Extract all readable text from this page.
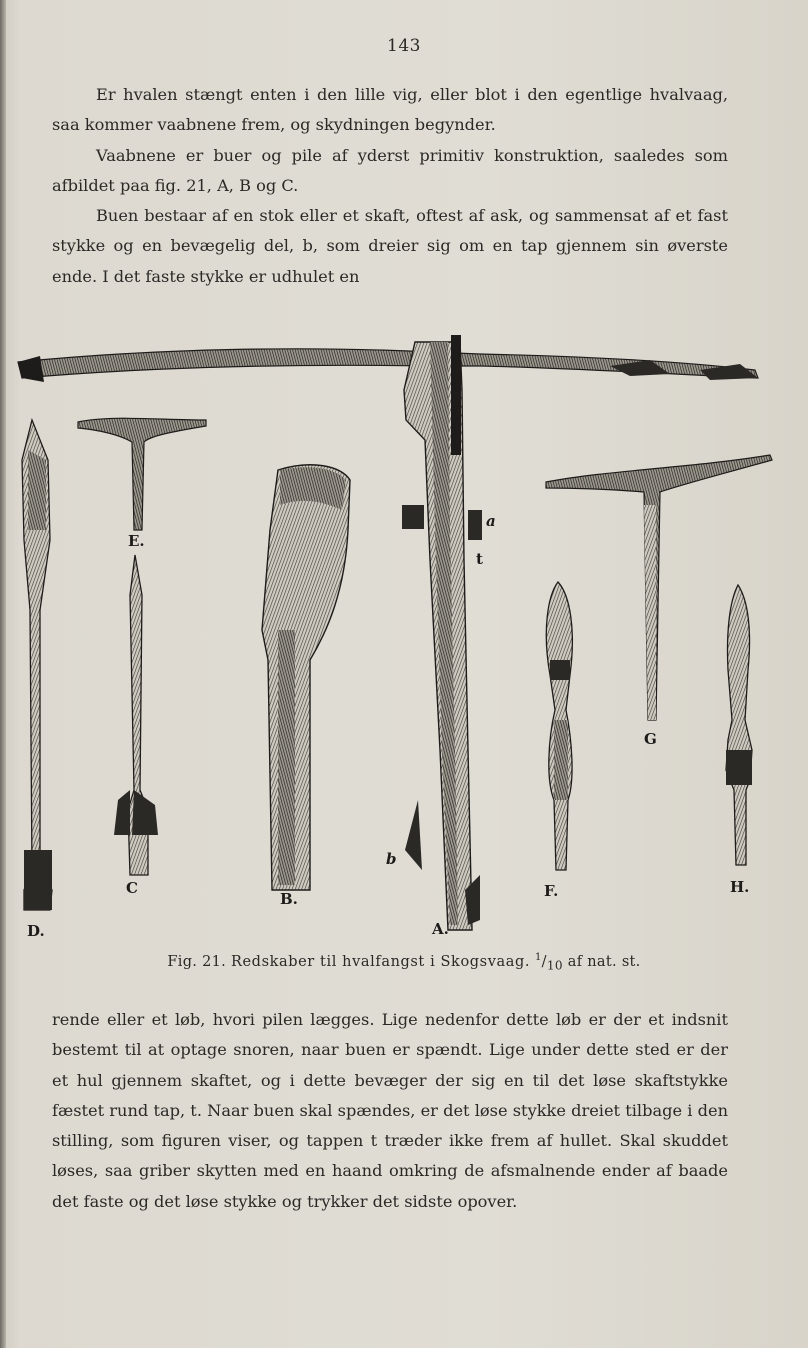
143

Er hvalen stængt enten i den lille vig, eller blot i den egentlige hvalvaag, saa kommer vaabnene frem, og skydningen begynder.

Vaabnene er buer og pile af yderst primitiv konstruktion, saaledes som afbildet paa fig. 21, A, B og C.

Buen bestaar af en stok eller et skaft, oftest af ask, og sammensat af et fast stykke og en bevægelig del, b, som dreier sig om en tap gjennem sin øverste ende. I det faste stykke er udhulet en

D.
E.
C
B.
A.
a
t
b
F.
G
H.
Fig. 21. Redskaber til hvalfangst i Skogsvaag. $^1/_{10}$ af nat. st.

rende eller et løb, hvori pilen lægges. Lige nedenfor dette løb er der et indsnit bestemt til at optage snoren, naar buen er spændt. Lige under dette sted er der et hul gjennem skaftet, og i dette bevæger der sig en til det løse skaftstykke fæstet rund tap, t. Naar buen skal spændes, er det løse stykke dreiet tilbage i den stilling, som figuren viser, og tappen t træder ikke frem af hullet. Skal skuddet løses, saa griber skytten med en haand omkring de afsmalnende ender af baade det faste og det løse stykke og trykker det sidste opover.
